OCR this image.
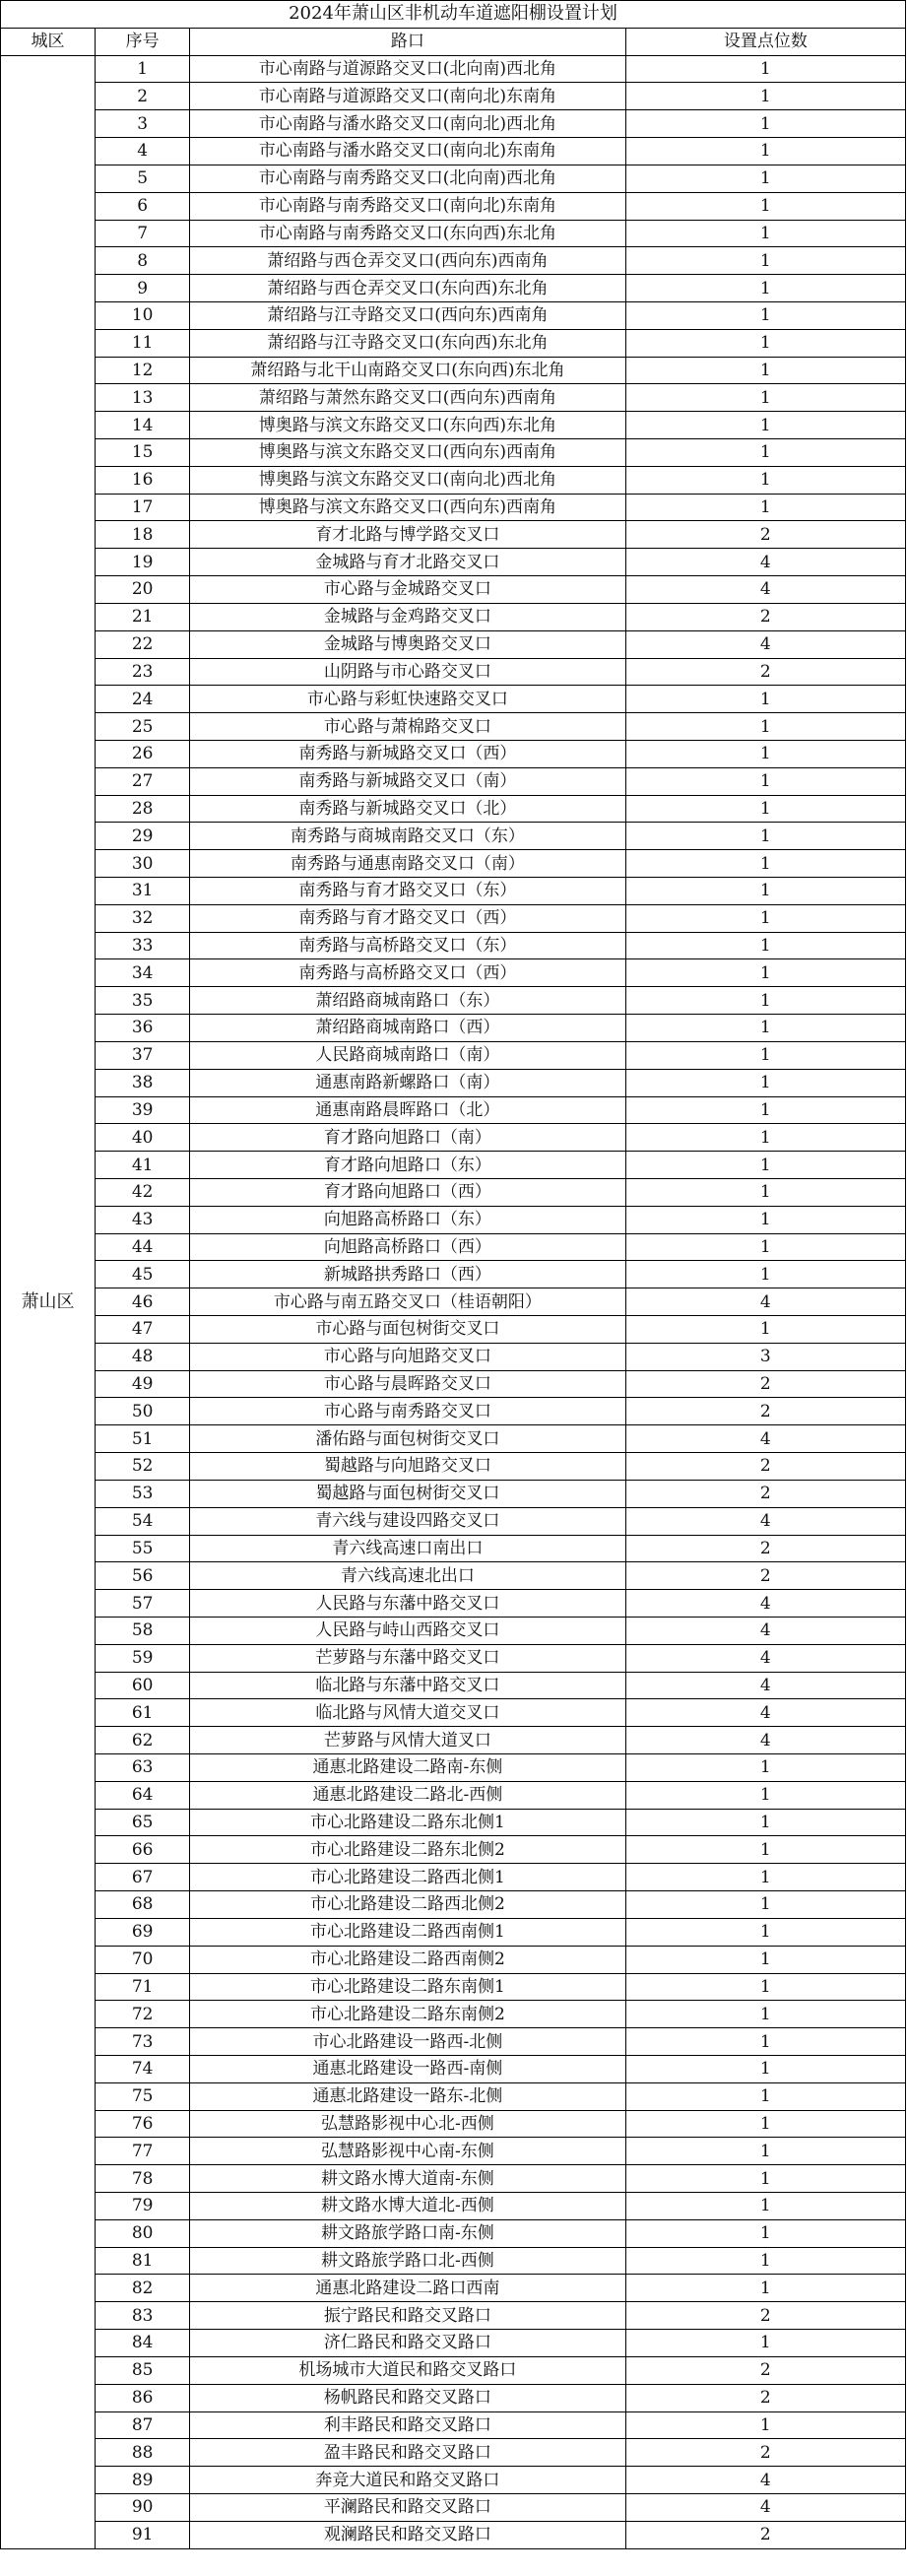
2024年萧山区非机动车道遮阳棚设置计划			
城区	序号	路口	设置点位数
萧山区	1	市心南路与道源路交叉口(北向南)西北角	1
	2	市心南路与道源路交叉口(南向北)东南角	1
	3	市心南路与潘水路交叉口(南向北)西北角	1
	4	市心南路与潘水路交叉口(南向北)东南角	1
	5	市心南路与南秀路交叉口(北向南)西北角	1
	6	市心南路与南秀路交叉口(南向北)东南角	1
	7	市心南路与南秀路交叉口(东向西)东北角	1
	8	萧绍路与西仓弄交叉口(西向东)西南角	1
	9	萧绍路与西仓弄交叉口(东向西)东北角	1
	10	萧绍路与江寺路交叉口(西向东)西南角	1
	11	萧绍路与江寺路交叉口(东向西)东北角	1
	12	萧绍路与北干山南路交叉口(东向西)东北角	1
	13	萧绍路与萧然东路交叉口(西向东)西南角	1
	14	博奥路与滨文东路交叉口(东向西)东北角	1
	15	博奥路与滨文东路交叉口(西向东)西南角	1
	16	博奥路与滨文东路交叉口(南向北)西北角	1
	17	博奥路与滨文东路交叉口(西向东)西南角	1
	18	育才北路与博学路交叉口	2
	19	金城路与育才北路交叉口	4
	20	市心路与金城路交叉口	4
	21	金城路与金鸡路交叉口	2
	22	金城路与博奥路交叉口	4
	23	山阴路与市心路交叉口	2
	24	市心路与彩虹快速路交叉口	1
	25	市心路与萧棉路交叉口	1
	26	南秀路与新城路交叉口（西）	1
	27	南秀路与新城路交叉口（南）	1
	28	南秀路与新城路交叉口（北）	1
	29	南秀路与商城南路交叉口（东）	1
	30	南秀路与通惠南路交叉口（南）	1
	31	南秀路与育才路交叉口（东）	1
	32	南秀路与育才路交叉口（西）	1
	33	南秀路与高桥路交叉口（东）	1
	34	南秀路与高桥路交叉口（西）	1
	35	萧绍路商城南路口（东）	1
	36	萧绍路商城南路口（西）	1
	37	人民路商城南路口（南）	1
	38	通惠南路新螺路口（南）	1
	39	通惠南路晨晖路口（北）	1
	40	育才路向旭路口（南）	1
	41	育才路向旭路口（东）	1
	42	育才路向旭路口（西）	1
	43	向旭路高桥路口（东）	1
	44	向旭路高桥路口（西）	1
	45	新城路拱秀路口（西）	1
	46	市心路与南五路交叉口（桂语朝阳）	4
	47	市心路与面包树街交叉口	1
	48	市心路与向旭路交叉口	3
	49	市心路与晨晖路交叉口	2
	50	市心路与南秀路交叉口	2
	51	潘佑路与面包树街交叉口	4
	52	蜀越路与向旭路交叉口	2
	53	蜀越路与面包树街交叉口	2
	54	青六线与建设四路交叉口	4
	55	青六线高速口南出口	2
	56	青六线高速北出口	2
	57	人民路与东藩中路交叉口	4
	58	人民路与峙山西路交叉口	4
	59	芒萝路与东藩中路交叉口	4
	60	临北路与东藩中路交叉口	4
	61	临北路与风情大道交叉口	4
	62	芒萝路与风情大道叉口	4
	63	通惠北路建设二路南-东侧	1
	64	通惠北路建设二路北-西侧	1
	65	市心北路建设二路东北侧1	1
	66	市心北路建设二路东北侧2	1
	67	市心北路建设二路西北侧1	1
	68	市心北路建设二路西北侧2	1
	69	市心北路建设二路西南侧1	1
	70	市心北路建设二路西南侧2	1
	71	市心北路建设二路东南侧1	1
	72	市心北路建设二路东南侧2	1
	73	市心北路建设一路西-北侧	1
	74	通惠北路建设一路西-南侧	1
	75	通惠北路建设一路东-北侧	1
	76	弘慧路影视中心北-西侧	1
	77	弘慧路影视中心南-东侧	1
	78	耕文路水博大道南-东侧	1
	79	耕文路水博大道北-西侧	1
	80	耕文路旅学路口南-东侧	1
	81	耕文路旅学路口北-西侧	1
	82	通惠北路建设二路口西南	1
	83	振宁路民和路交叉路口	2
	84	济仁路民和路交叉路口	1
	85	机场城市大道民和路交叉路口	2
	86	杨帆路民和路交叉路口	2
	87	利丰路民和路交叉路口	1
	88	盈丰路民和路交叉路口	2
	89	奔竞大道民和路交叉路口	4
	90	平澜路民和路交叉路口	4
	91	观澜路民和路交叉路口	2
